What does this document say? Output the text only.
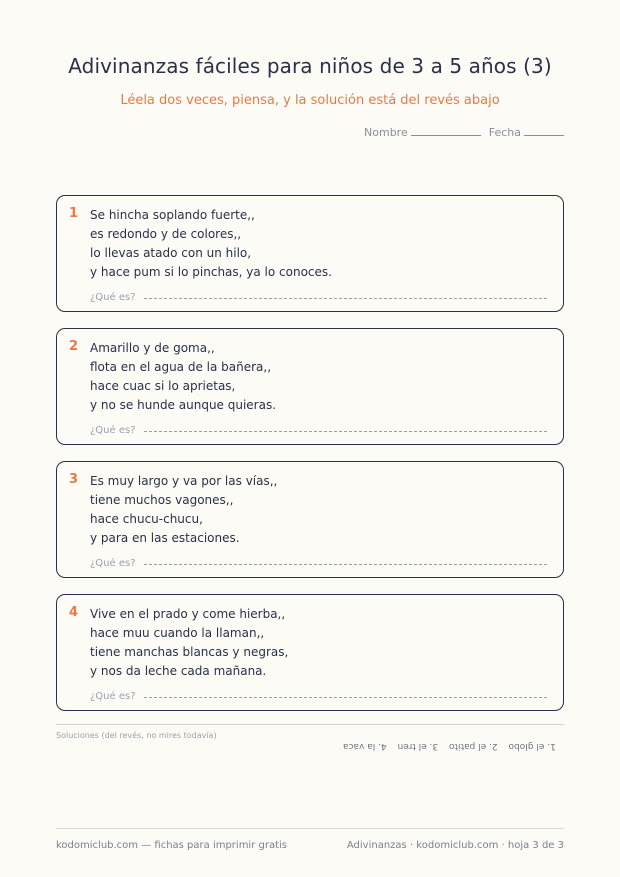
Adivinanzas fáciles para niños de 3 a 5 años (3)

Léela dos veces, piensa, y la solución está del revés abajo

Nombre	Fecha
1 Se hincha soplando fuerte,,
es redondo y de colores,,
lo llevas atado con un hilo,
y hace pum si lo pinchas, ya lo conoces.
¿Qué es?
2 Amarillo y de goma,,
flota en el agua de la bañera,,
hace cuac si lo aprietas,
y no se hunde aunque quieras.
¿Qué es?
3 Es muy largo y va por las vías,,
tiene muchos vagones,,
hace chucu-chucu,
y para en las estaciones.
¿Qué es?
4 Vive en el prado y come hierba,,
hace muu cuando la llaman,,
tiene manchas blancas y negras,
y nos da leche cada mañana.
¿Qué es?
Soluciones (del revés, no mires todavía)
1. el globo 2. el patito 3. el tren 4. la vaca
kodomiclub.com — fichas para imprimir gratis	Adivinanzas · kodomiclub.com · hoja 3 de 3
